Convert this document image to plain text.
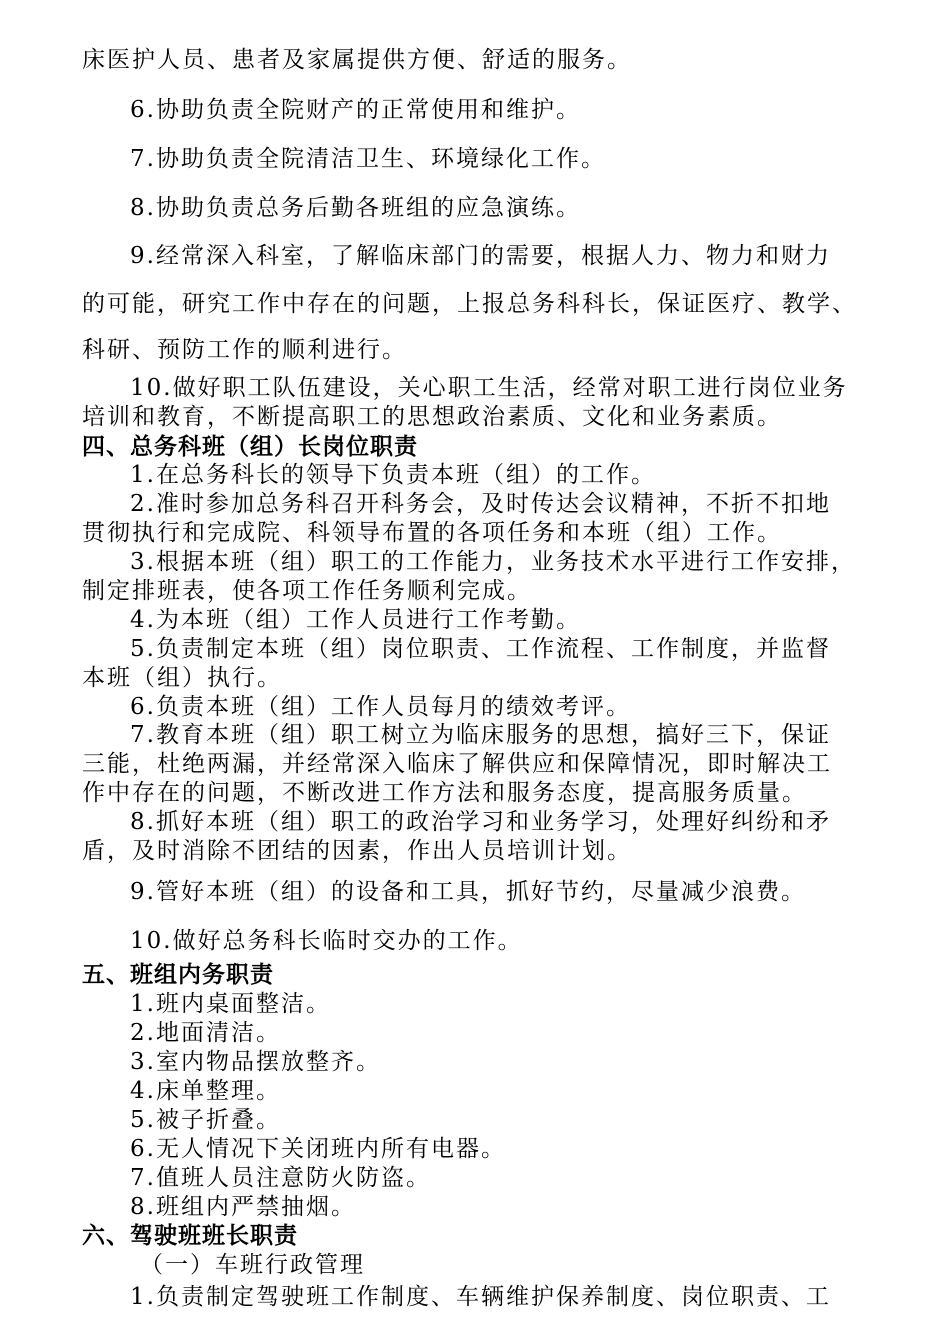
床医护人员、患者及家属提供方便、舒适的服务。
6.协助负责全院财产的正常使用和维护。
7.协助负责全院清洁卫生、环境绿化工作。
8.协助负责总务后勤各班组的应急演练。
9.经常深入科室，了解临床部门的需要，根据人力、物力和财力
的可能，研究工作中存在的问题，上报总务科科长，保证医疗、教学、
科研、预防工作的顺利进行。
10.做好职工队伍建设，关心职工生活，经常对职工进行岗位业务
培训和教育，不断提高职工的思想政治素质、文化和业务素质。
四、总务科班（组）长岗位职责
1.在总务科长的领导下负责本班（组）的工作。
2.准时参加总务科召开科务会，及时传达会议精神，不折不扣地
贯彻执行和完成院、科领导布置的各项任务和本班（组）工作。
3.根据本班（组）职工的工作能力，业务技术水平进行工作安排，
制定排班表，使各项工作任务顺利完成。
4.为本班（组）工作人员进行工作考勤。
5.负责制定本班（组）岗位职责、工作流程、工作制度，并监督
本班（组）执行。
6.负责本班（组）工作人员每月的绩效考评。
7.教育本班（组）职工树立为临床服务的思想，搞好三下，保证
三能，杜绝两漏，并经常深入临床了解供应和保障情况，即时解决工
作中存在的问题，不断改进工作方法和服务态度，提高服务质量。
8.抓好本班（组）职工的政治学习和业务学习，处理好纠纷和矛
盾，及时消除不团结的因素，作出人员培训计划。
9.管好本班（组）的设备和工具，抓好节约，尽量减少浪费。
10.做好总务科长临时交办的工作。
五、班组内务职责
1.班内桌面整洁。
2.地面清洁。
3.室内物品摆放整齐。
4.床单整理。
5.被子折叠。
6.无人情况下关闭班内所有电器。
7.值班人员注意防火防盗。
8.班组内严禁抽烟。
六、驾驶班班长职责
（一）车班行政管理
1.负责制定驾驶班工作制度、车辆维护保养制度、岗位职责、工
